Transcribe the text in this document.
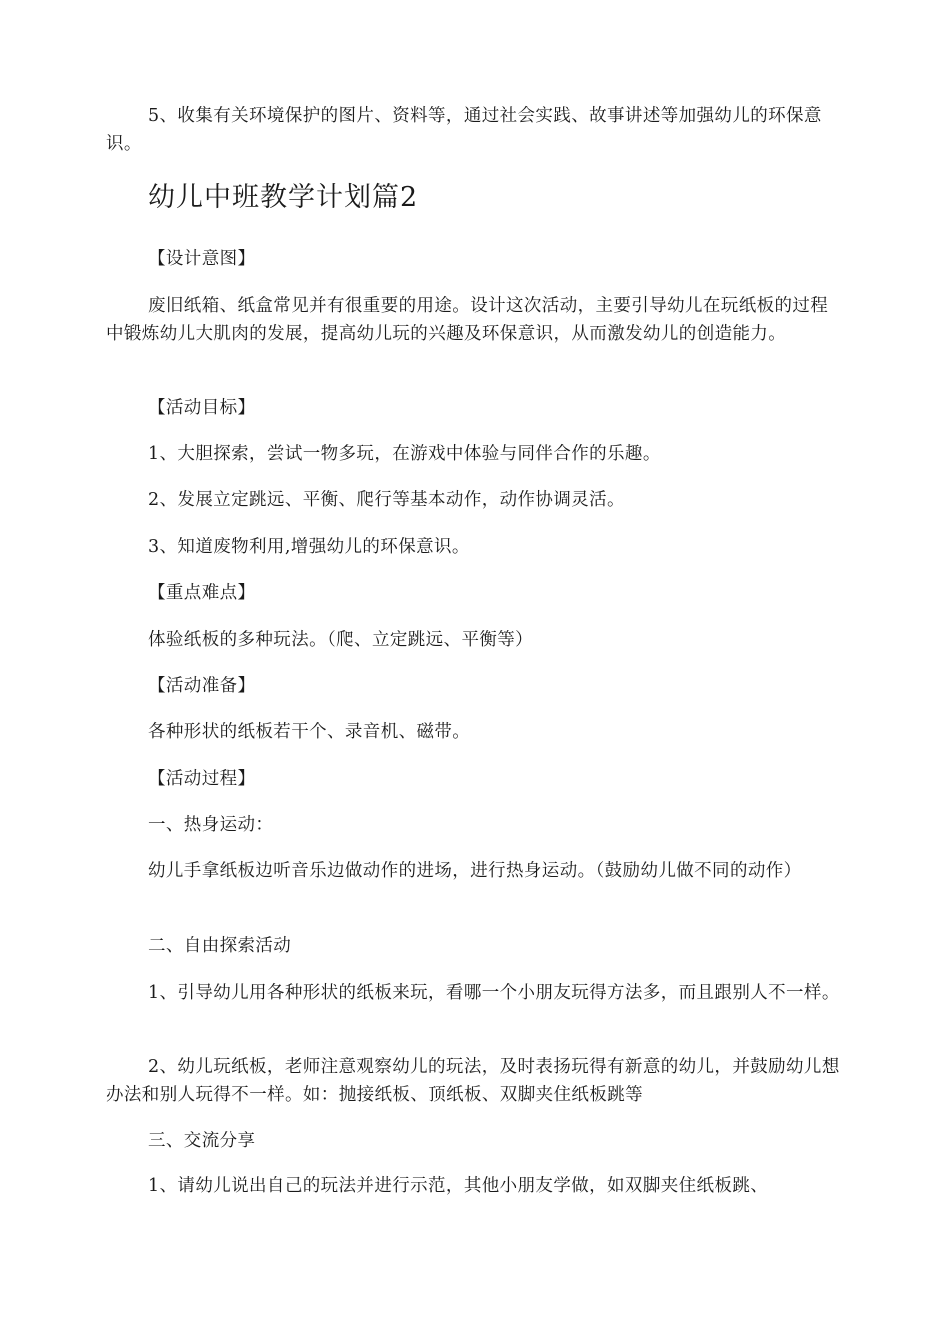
5、收集有关环境保护的图片、资料等，通过社会实践、故事讲述等加强幼儿的环保意识。

幼儿中班教学计划篇2

【设计意图】

废旧纸箱、纸盒常见并有很重要的用途。设计这次活动，主要引导幼儿在玩纸板的过程中锻炼幼儿大肌肉的发展，提高幼儿玩的兴趣及环保意识，从而激发幼儿的创造能力。

【活动目标】

1、大胆探索，尝试一物多玩，在游戏中体验与同伴合作的乐趣。

2、发展立定跳远、平衡、爬行等基本动作，动作协调灵活。

3、知道废物利用,增强幼儿的环保意识。

【重点难点】

体验纸板的多种玩法。（爬、立定跳远、平衡等）

【活动准备】

各种形状的纸板若干个、录音机、磁带。

【活动过程】

一、热身运动：

幼儿手拿纸板边听音乐边做动作的进场，进行热身运动。（鼓励幼儿做不同的动作）

二、自由探索活动

1、引导幼儿用各种形状的纸板来玩，看哪一个小朋友玩得方法多，而且跟别人不一样。

2、幼儿玩纸板，老师注意观察幼儿的玩法，及时表扬玩得有新意的幼儿，并鼓励幼儿想办法和别人玩得不一样。如：抛接纸板、顶纸板、双脚夹住纸板跳等

三、交流分享

1、请幼儿说出自己的玩法并进行示范，其他小朋友学做，如双脚夹住纸板跳、
